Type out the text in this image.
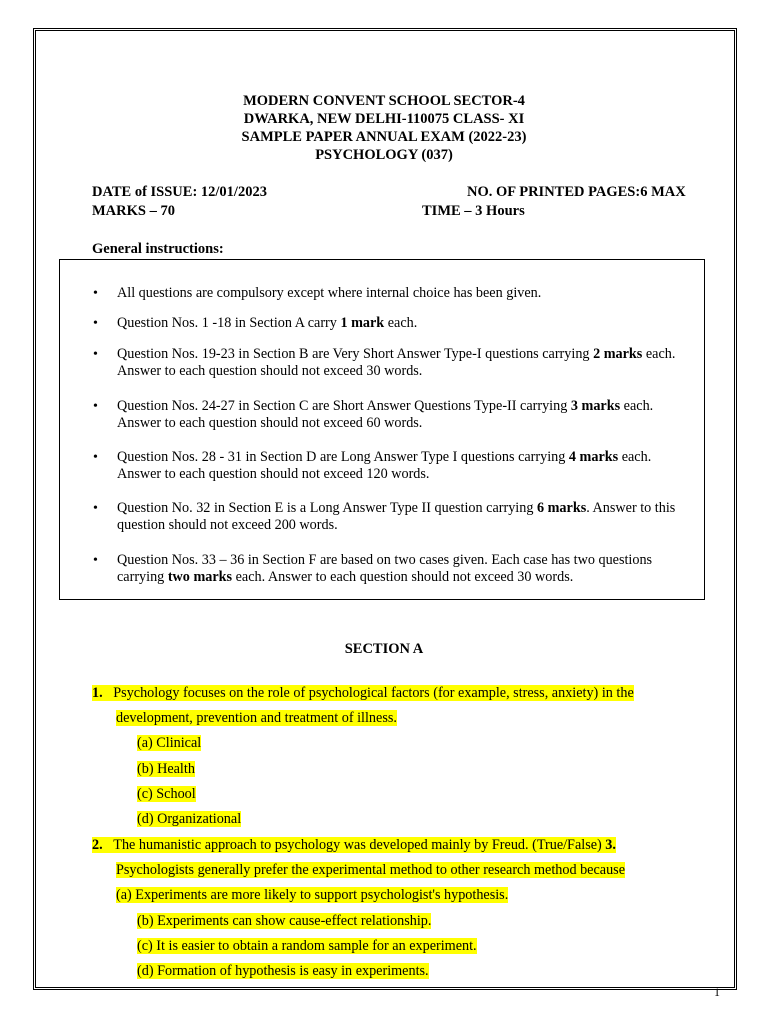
MODERN CONVENT SCHOOL SECTOR-4
DWARKA, NEW DELHI-110075 CLASS- XI
SAMPLE PAPER ANNUAL EXAM (2022-23)
PSYCHOLOGY (037)
DATE of ISSUE: 12/01/2023	NO. OF PRINTED PAGES:6 MAX
MARKS – 70	TIME – 3 Hours
General instructions:
• All questions are compulsory except where internal choice has been given.
• Question Nos. 1 -18 in Section A carry 1 mark each.
• Question Nos. 19-23 in Section B are Very Short Answer Type-I questions carrying 2 marks each. Answer to each question should not exceed 30 words.
• Question Nos. 24-27 in Section C are Short Answer Questions Type-II carrying 3 marks each. Answer to each question should not exceed 60 words.
• Question Nos. 28 - 31 in Section D are Long Answer Type I questions carrying 4 marks each. Answer to each question should not exceed 120 words.
• Question No. 32 in Section E is a Long Answer Type II question carrying 6 marks. Answer to this question should not exceed 200 words.
• Question Nos. 33 – 36 in Section F are based on two cases given. Each case has two questions carrying two marks each. Answer to each question should not exceed 30 words.
SECTION A
1. Psychology focuses on the role of psychological factors (for example, stress, anxiety) in the
development, prevention and treatment of illness.
(a) Clinical
(b) Health
(c) School
(d) Organizational
2. The humanistic approach to psychology was developed mainly by Freud. (True/False) 3.
Psychologists generally prefer the experimental method to other research method because
(a) Experiments are more likely to support psychologist's hypothesis.
(b) Experiments can show cause-effect relationship.
(c) It is easier to obtain a random sample for an experiment.
(d) Formation of hypothesis is easy in experiments.
1
